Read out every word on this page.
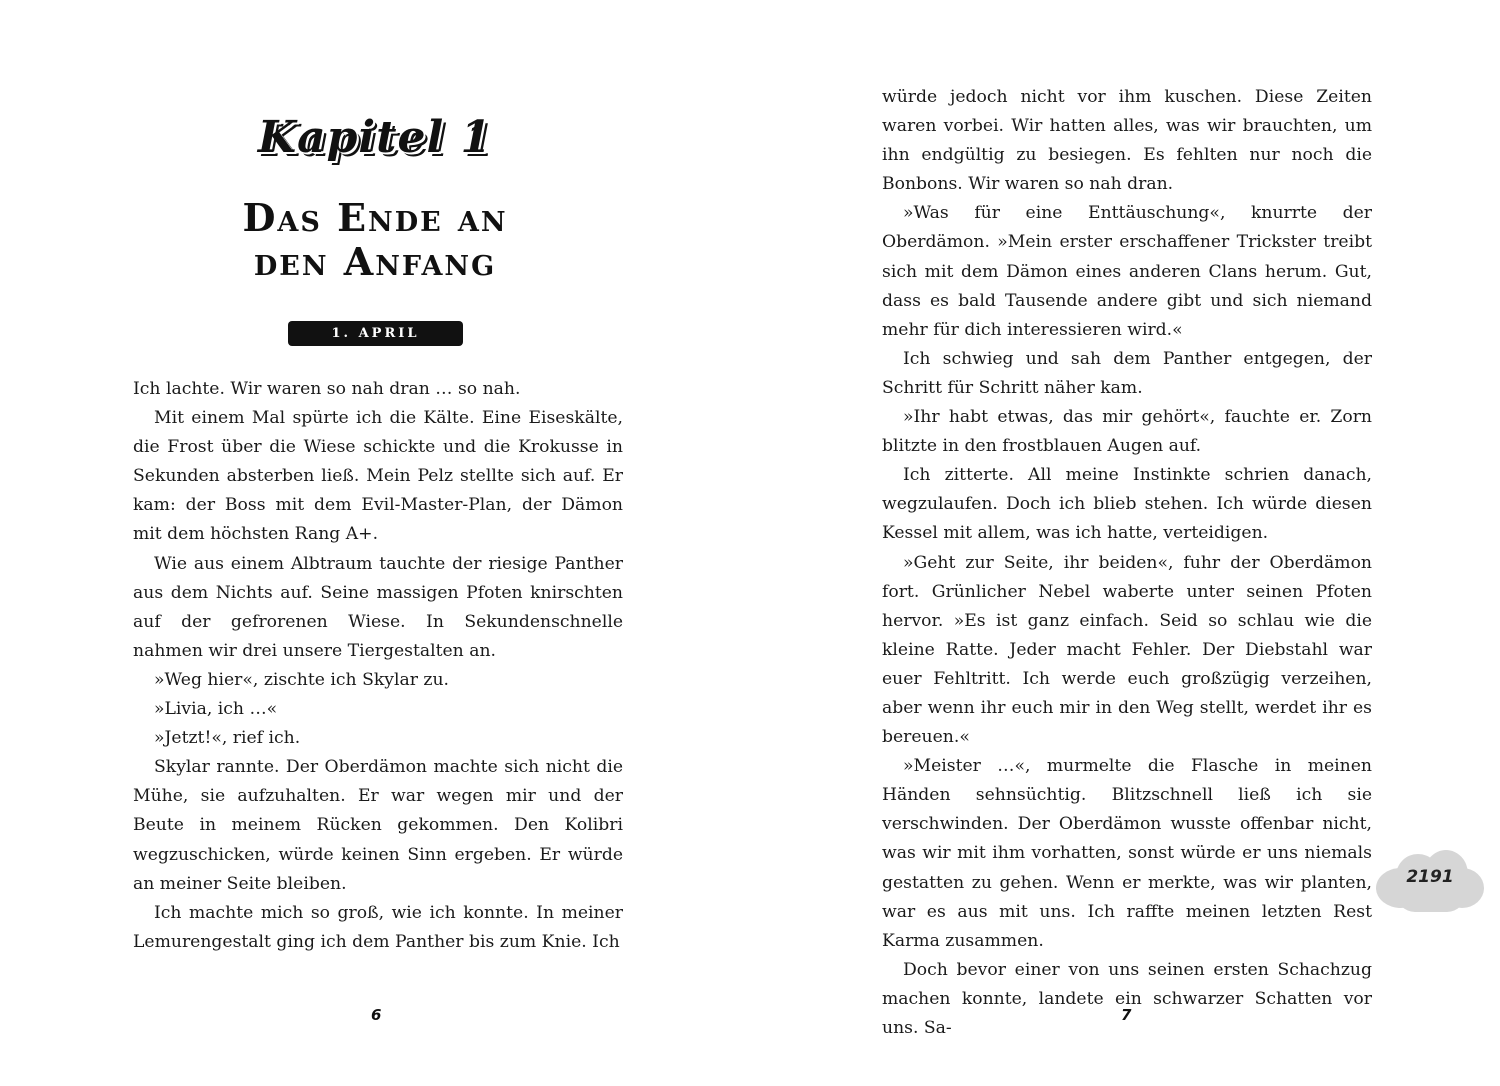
Kapitel 1
Das Ende an
den Anfang
1. APRIL

Ich lachte. Wir waren so nah dran … so nah.

Mit einem Mal spürte ich die Kälte. Eine Eiseskälte, die Frost über die Wiese schickte und die Krokusse in Sekunden absterben ließ. Mein Pelz stellte sich auf. Er kam: der Boss mit dem Evil-Master-Plan, der Dämon mit dem höchsten Rang A+.

Wie aus einem Albtraum tauchte der riesige Panther aus dem Nichts auf. Seine massigen Pfoten knirschten auf der gefrorenen Wiese. In Sekundenschnelle nahmen wir drei unsere Tiergestalten an.

»Weg hier«, zischte ich Skylar zu.

»Livia, ich …«

»Jetzt!«, rief ich.

Skylar rannte. Der Oberdämon machte sich nicht die Mühe, sie aufzuhalten. Er war wegen mir und der Beute in meinem Rücken gekommen. Den Kolibri wegzuschicken, würde keinen Sinn ergeben. Er würde an meiner Seite bleiben.

Ich machte mich so groß, wie ich konnte. In meiner Lemurengestalt ging ich dem Panther bis zum Knie. Ich

6

würde jedoch nicht vor ihm kuschen. Diese Zeiten waren vorbei. Wir hatten alles, was wir brauchten, um ihn endgültig zu besiegen. Es fehlten nur noch die Bonbons. Wir waren so nah dran.

»Was für eine Enttäuschung«, knurrte der Oberdämon. »Mein erster erschaffener Trickster treibt sich mit dem Dämon eines anderen Clans herum. Gut, dass es bald Tausende andere gibt und sich niemand mehr für dich interessieren wird.«

Ich schwieg und sah dem Panther entgegen, der Schritt für Schritt näher kam.

»Ihr habt etwas, das mir gehört«, fauchte er. Zorn blitzte in den frostblauen Augen auf.

Ich zitterte. All meine Instinkte schrien danach, wegzulaufen. Doch ich blieb stehen. Ich würde diesen Kessel mit allem, was ich hatte, verteidigen.

»Geht zur Seite, ihr beiden«, fuhr der Oberdämon fort. Grünlicher Nebel waberte unter seinen Pfoten hervor. »Es ist ganz einfach. Seid so schlau wie die kleine Ratte. Jeder macht Fehler. Der Diebstahl war euer Fehltritt. Ich werde euch großzügig verzeihen, aber wenn ihr euch mir in den Weg stellt, werdet ihr es bereuen.«

»Meister …«, murmelte die Flasche in meinen Händen sehnsüchtig. Blitzschnell ließ ich sie verschwinden. Der Oberdämon wusste offenbar nicht, was wir mit ihm vorhatten, sonst würde er uns niemals gestatten zu gehen. Wenn er merkte, was wir planten, war es aus mit uns. Ich raffte meinen letzten Rest Karma zusammen.

Doch bevor einer von uns seinen ersten Schachzug machen konnte, landete ein schwarzer Schatten vor uns. Sa-

7
2191
